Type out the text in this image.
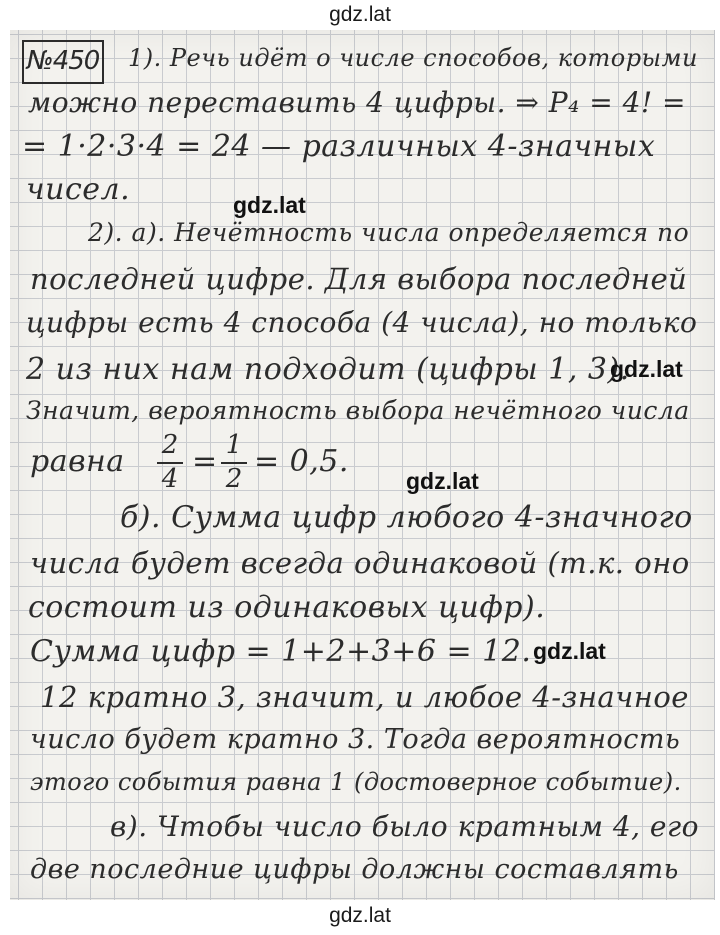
gdz.lat
№450 1). Речь идёт о числе способов, которыми
можно переставить 4 цифры. ⇒ P₄ = 4! =
= 1·2·3·4 = 24 — различных 4-значных
чисел.	gdz.lat
2). а). Нечётность числа определяется по
последней цифре. Для выбора последней
цифры есть 4 способа (4 числа), но только
2 из них нам подходит (цифры 1, 3).
gdz.lat
Значит, вероятность выбора нечётного числа
равна 2
4 = 1
2 = 0,5.
gdz.lat
б). Сумма цифр любого 4-значного
числа будет всегда одинаковой (т.к. оно
состоит из одинаковых цифр).
Сумма цифр = 1+2+3+6 = 12. gdz.lat
12 кратно 3, значит, и любое 4-значное
число будет кратно 3. Тогда вероятность
этого события равна 1 (достоверное событие).
в). Чтобы число было кратным 4, его
две последние цифры должны составлять
gdz.lat
